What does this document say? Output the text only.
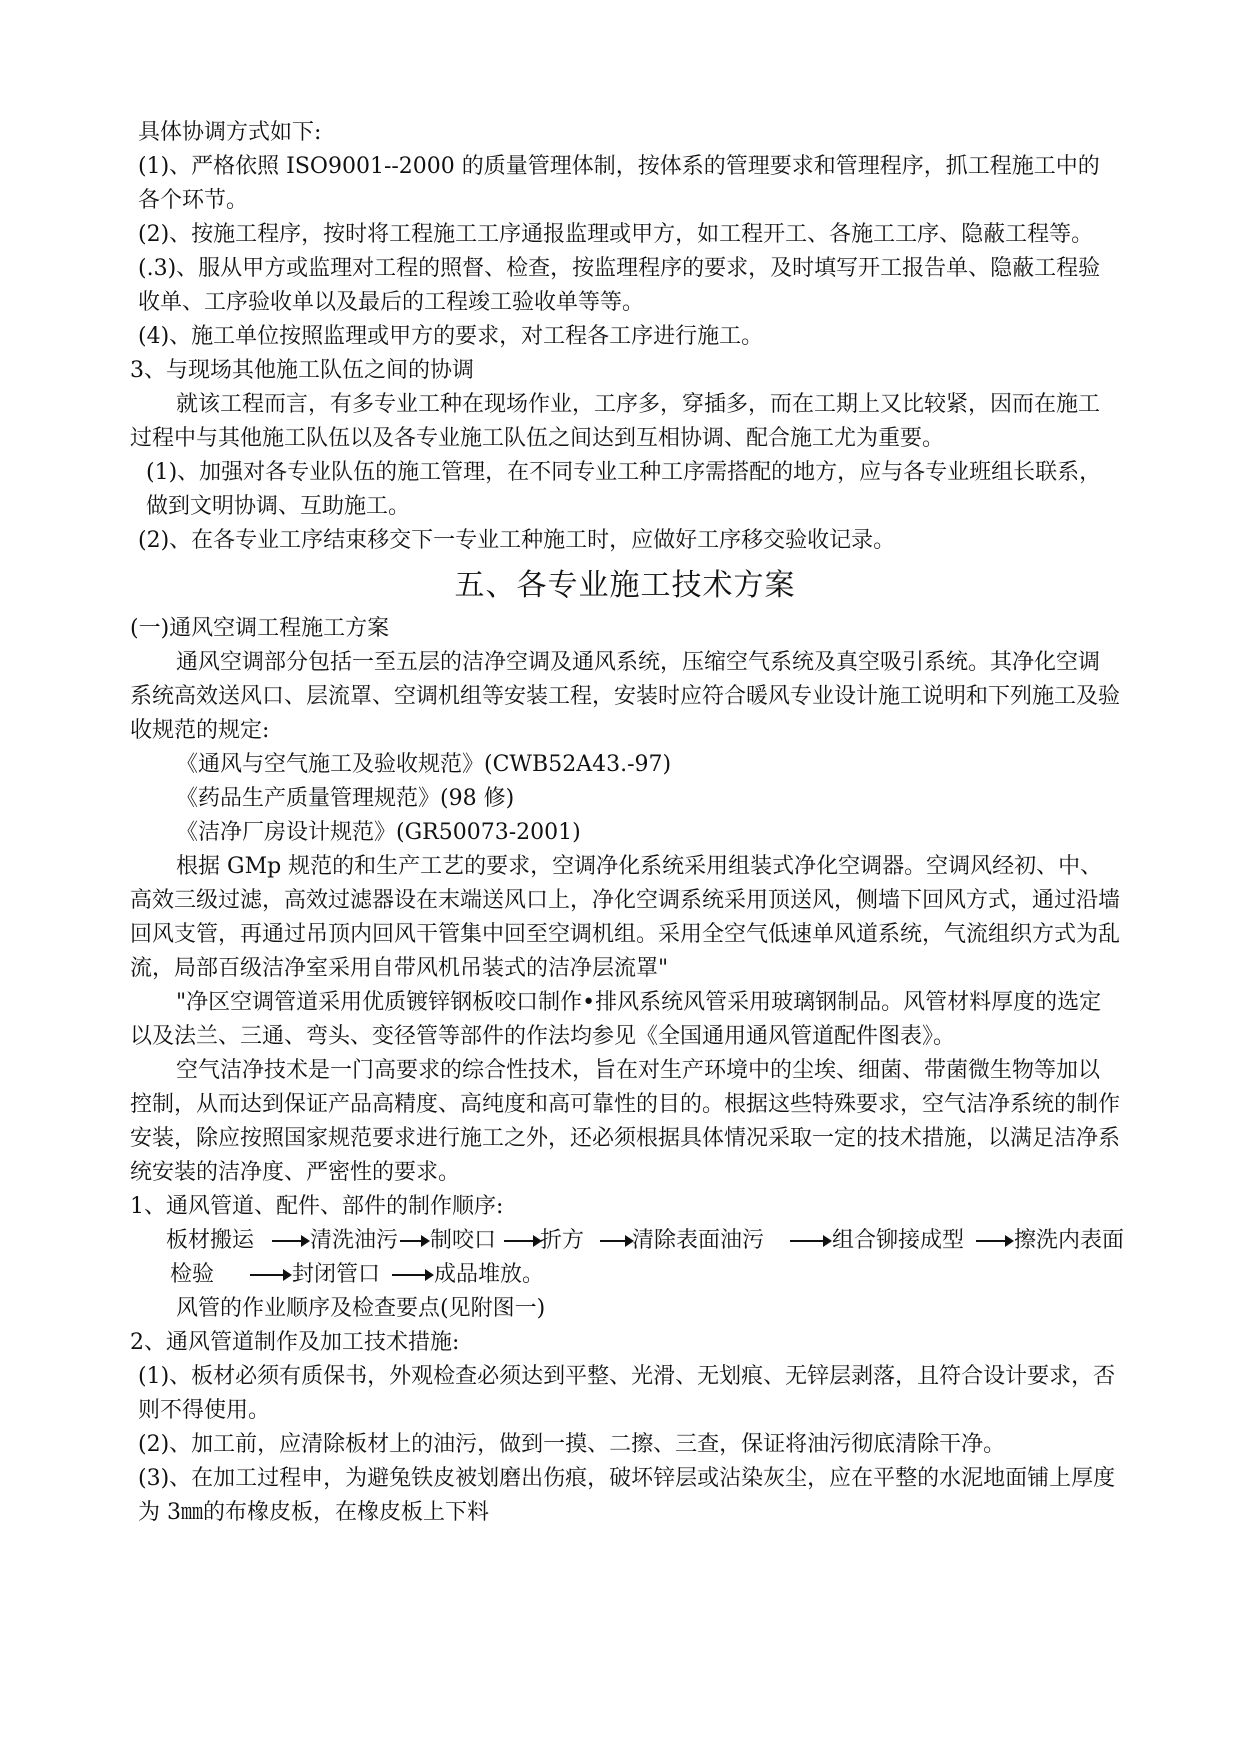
具体协调方式如下:

(1)、严格依照 ISO9001--2000 的质量管理体制，按体系的管理要求和管理程序，抓工程施工中的各个环节。

(2)、按施工程序，按时将工程施工工序通报监理或甲方，如工程开工、各施工工序、隐蔽工程等。

(.3)、服从甲方或监理对工程的照督、检查，按监理程序的要求，及时填写开工报告单、隐蔽工程验收单、工序验收单以及最后的工程竣工验收单等等。

(4)、施工单位按照监理或甲方的要求，对工程各工序进行施工。

3、与现场其他施工队伍之间的协调

就该工程而言，有多专业工种在现场作业，工序多，穿插多，而在工期上又比较紧，因而在施工过程中与其他施工队伍以及各专业施工队伍之间达到互相协调、配合施工尤为重要。

(1)、加强对各专业队伍的施工管理，在不同专业工种工序需搭配的地方，应与各专业班组长联系，做到文明协调、互助施工。

(2)、在各专业工序结束移交下一专业工种施工时，应做好工序移交验收记录。

五、各专业施工技术方案

(一)通风空调工程施工方案

通风空调部分包括一至五层的洁净空调及通风系统，压缩空气系统及真空吸引系统。其净化空调系统高效送风口、层流罩、空调机组等安装工程，安装时应符合暖风专业设计施工说明和下列施工及验收规范的规定:

《通风与空气施工及验收规范》(CWB52A43.-97)

《药品生产质量管理规范》(98 修)

《洁净厂房设计规范》(GR50073-2001)

根据 GMp 规范的和生产工艺的要求，空调净化系统采用组装式净化空调器。空调风经初、中、高效三级过滤，高效过滤器设在末端送风口上，净化空调系统采用顶送风，侧墙下回风方式，通过沿墙回风支管，再通过吊顶内回风干管集中回至空调机组。采用全空气低速单风道系统，气流组织方式为乱流，局部百级洁净室采用自带风机吊装式的洁净层流罩"

"净区空调管道采用优质镀锌钢板咬口制作•排风系统风管采用玻璃钢制品。风管材料厚度的选定以及法兰、三通、弯头、变径管等部件的作法均参见《全国通用通风管道配件图表》。

空气洁净技术是一门高要求的综合性技术，旨在对生产环境中的尘埃、细菌、带菌微生物等加以控制，从而达到保证产品高精度、高纯度和高可靠性的目的。根据这些特殊要求，空气洁净系统的制作安装，除应按照国家规范要求进行施工之外，还必须根据具体情况采取一定的技术措施，以满足洁净系统安装的洁净度、严密性的要求。

1、通风管道、配件、部件的制作顺序:

板材搬运	清洗油污 制咬口 折方 清除表面油污	组合铆接成型 擦洗内表面
检验	封闭管口 成品堆放。

风管的作业顺序及检查要点(见附图一)

2、通风管道制作及加工技术措施:

(1)、板材必须有质保书，外观检查必须达到平整、光滑、无划痕、无锌层剥落，且符合设计要求，否则不得使用。

(2)、加工前，应清除板材上的油污，做到一摸、二擦、三查，保证将油污彻底清除干净。

(3)、在加工过程申，为避兔铁皮被划磨出伤痕，破坏锌层或沾染灰尘，应在平整的水泥地面铺上厚度为 3㎜的布橡皮板，在橡皮板上下料
